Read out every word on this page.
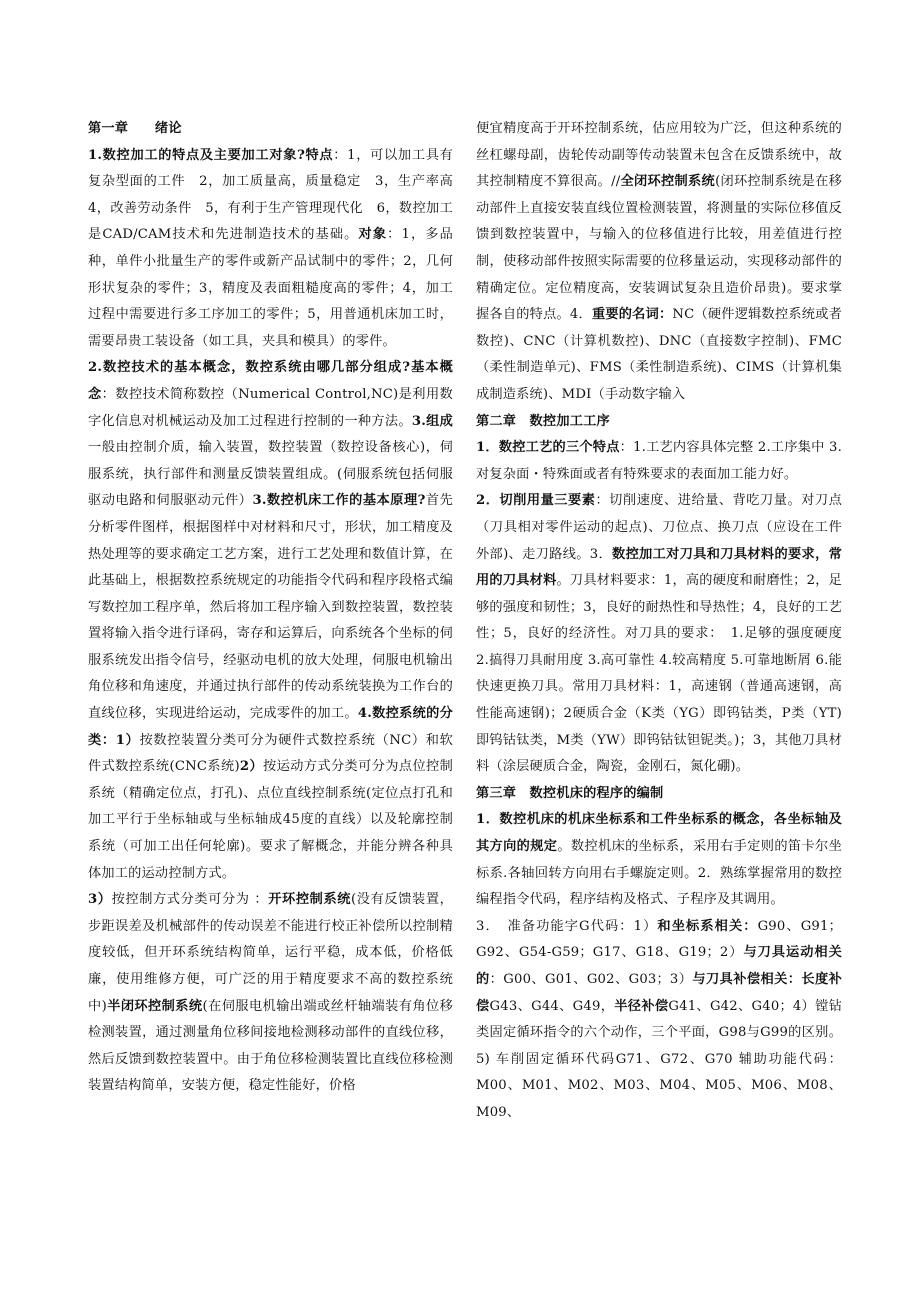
第一章　　绪论

1.数控加工的特点及主要加工对象?特点：1，可以加工具有复杂型面的工件　2，加工质量高，质量稳定　3，生产率高　4，改善劳动条件　5，有利于生产管理现代化　6，数控加工是CAD/CAM技术和先进制造技术的基础。对象：1，多品种，单件小批量生产的零件或新产品试制中的零件；2，几何形状复杂的零件；3，精度及表面粗糙度高的零件；4，加工过程中需要进行多工序加工的零件；5，用普通机床加工时，需要昂贵工装设备（如工具，夹具和模具）的零件。

2.数控技术的基本概念，数控系统由哪几部分组成?基本概念：数控技术简称数控（Numerical Control,NC)是利用数字化信息对机械运动及加工过程进行控制的一种方法。3.组成一般由控制介质，输入装置，数控装置（数控设备核心)，伺服系统，执行部件和测量反馈装置组成。(伺服系统包括伺服驱动电路和伺服驱动元件）3.数控机床工作的基本原理?首先分析零件图样，根据图样中对材料和尺寸，形状，加工精度及热处理等的要求确定工艺方案，进行工艺处理和数值计算，在此基础上，根据数控系统规定的功能指令代码和程序段格式编写数控加工程序单，然后将加工程序输入到数控装置，数控装置将输入指令进行译码，寄存和运算后，向系统各个坐标的伺服系统发出指令信号，经驱动电机的放大处理，伺服电机输出角位移和角速度，并通过执行部件的传动系统装换为工作台的直线位移，实现进给运动，完成零件的加工。4.数控系统的分类：1）按数控装置分类可分为硬件式数控系统（NC）和软件式数控系统(CNC系统)2）按运动方式分类可分为点位控制系统（精确定位点，打孔)、点位直线控制系统(定位点打孔和加工平行于坐标轴或与坐标轴成45度的直线）以及轮廓控制系统（可加工出任何轮廓)。要求了解概念，并能分辨各种具体加工的运动控制方式。

3）按控制方式分类可分为 ：开环控制系统(没有反馈装置，步距误差及机械部件的传动误差不能进行校正补偿所以控制精度较低，但开环系统结构简单，运行平稳，成本低，价格低廉，使用维修方便，可广泛的用于精度要求不高的数控系统中)半闭环控制系统(在伺服电机输出端或丝杆轴端装有角位移检测装置，通过测量角位移间接地检测移动部件的直线位移，然后反馈到数控装置中。由于角位移检测装置比直线位移检测装置结构简单，安装方便，稳定性能好，价格

便宜精度高于开环控制系统，估应用较为广泛，但这种系统的丝杠螺母副，齿轮传动副等传动装置未包含在反馈系统中，故其控制精度不算很高。//全闭环控制系统(闭环控制系统是在移动部件上直接安装直线位置检测装置，将测量的实际位移值反馈到数控装置中，与输入的位移值进行比较，用差值进行控制，使移动部件按照实际需要的位移量运动，实现移动部件的精确定位。定位精度高，安装调试复杂且造价昂贵)。要求掌握各自的特点。4．重要的名词：NC（硬件逻辑数控系统或者数控)、CNC（计算机数控)、DNC（直接数字控制)、FMC（柔性制造单元)、FMS（柔性制造系统)、CIMS（计算机集成制造系统)、MDI（手动数字输入

第二章　数控加工工序

1．数控工艺的三个特点：1.工艺内容具体完整 2.工序集中 3.对复杂面・特殊面或者有特殊要求的表面加工能力好。

2．切削用量三要素：切削速度、进给量、背吃刀量。对刀点（刀具相对零件运动的起点)、刀位点、换刀点（应设在工件外部)、走刀路线。3．数控加工对刀具和刀具材料的要求，常用的刀具材料。刀具材料要求：1，高的硬度和耐磨性；2，足够的强度和韧性；3，良好的耐热性和导热性；4，良好的工艺性；5，良好的经济性。对刀具的要求：　1.足够的强度硬度 2.搞得刀具耐用度 3.高可靠性 4.较高精度 5.可靠地断屑 6.能快速更换刀具。常用刀具材料：1，高速钢（普通高速钢，高性能高速钢)；2硬质合金（K类（YG）即钨钴类，P类（YT)即钨钴钛类，M类（YW）即钨钴钛钽铌类。)；3，其他刀具材料（涂层硬质合金，陶瓷，金刚石，氮化硼)。

第三章　数控机床的程序的编制

1．数控机床的机床坐标系和工件坐标系的概念，各坐标轴及其方向的规定。数控机床的坐标系，采用右手定则的笛卡尔坐标系.各轴回转方向用右手螺旋定则。2．熟练掌握常用的数控编程指令代码，程序结构及格式、子程序及其调用。

3．　准备功能字G代码：1）和坐标系相关：G90、G91；G92、G54-G59；G17、G18、G19；2）与刀具运动相关的：G00、G01、G02、G03；3）与刀具补偿相关：长度补偿G43、G44、G49，半径补偿G41、G42、G40；4）镗钻类固定循环指令的六个动作，三个平面，G98与G99的区别。5) 车削固定循环代码G71、G72、G70 辅助功能代码：M00、M01、M02、M03、M04、M05、M06、M08、M09、
